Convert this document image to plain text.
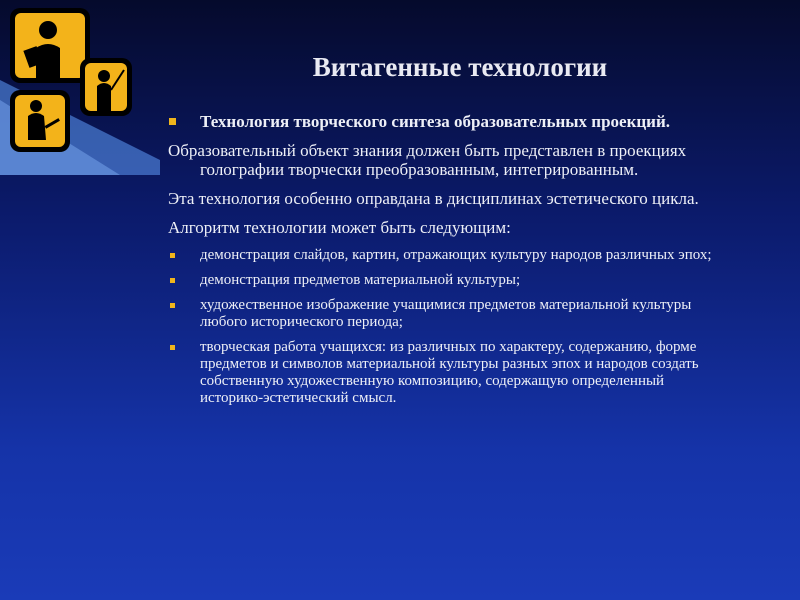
Витагенные технологии
Технология творческого синтеза образовательных проекций.
Образовательный объект знания должен быть представлен в проекциях голографии творчески преобразованным, интегрированным.
Эта технология особенно оправдана в дисциплинах эстетического цикла.
Алгоритм технологии может быть следующим:
демонстрация слайдов, картин, отражающих культуру народов различных эпох;
демонстрация предметов материальной культуры;
художественное изображение учащимися предметов материальной культуры любого исторического периода;
творческая работа учащихся: из различных по характеру, содержанию, форме предметов и символов материальной культуры разных эпох и народов создать собственную художественную композицию, содержащую определенный историко-эстетический смысл.
